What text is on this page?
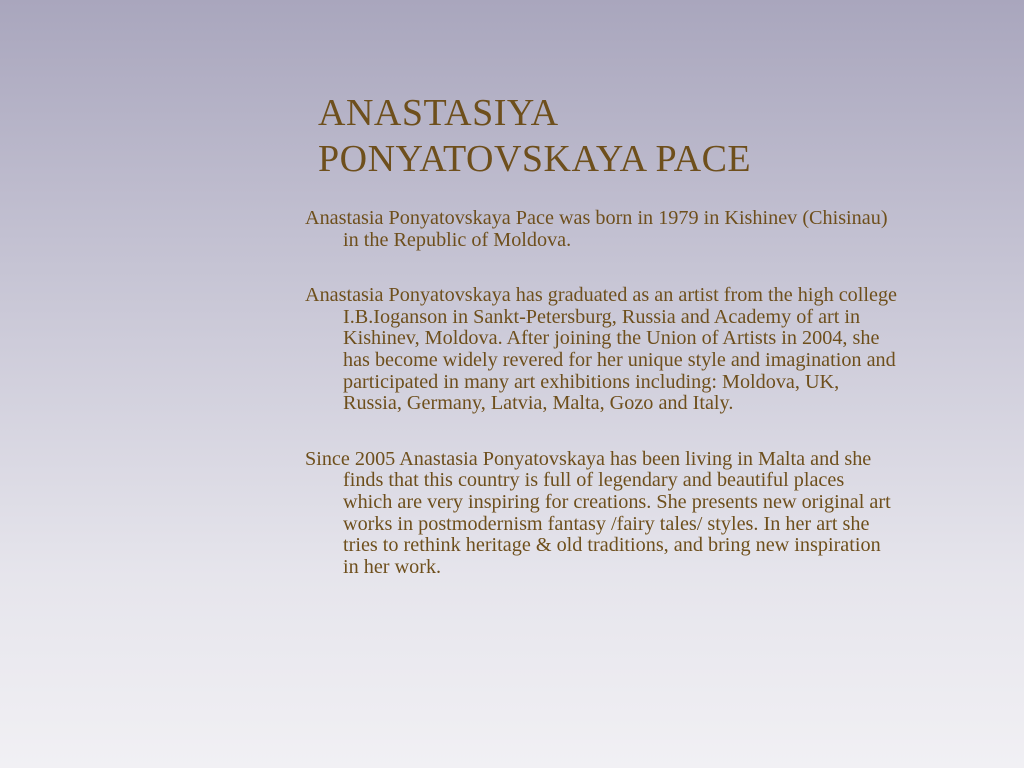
ANASTASIYA
PONYATOVSKAYA PACE

Anastasia Ponyatovskaya Pace was born in 1979 in Kishinev (Chisinau) in the Republic of Moldova.

Anastasia Ponyatovskaya has graduated as an artist from the high college I.B.Ioganson in Sankt-Petersburg, Russia and Academy of art in Kishinev, Moldova. After joining the Union of Artists in 2004, she has become widely revered for her unique style and imagination and participated in many art exhibitions including: Moldova, UK, Russia, Germany, Latvia, Malta, Gozo and Italy.

Since 2005 Anastasia Ponyatovskaya has been living in Malta and she finds that this country is full of legendary and beautiful places which are very inspiring for creations. She presents new original art works in postmodernism fantasy /fairy tales/ styles. In her art she tries to rethink heritage & old traditions, and bring new inspiration in her work.
